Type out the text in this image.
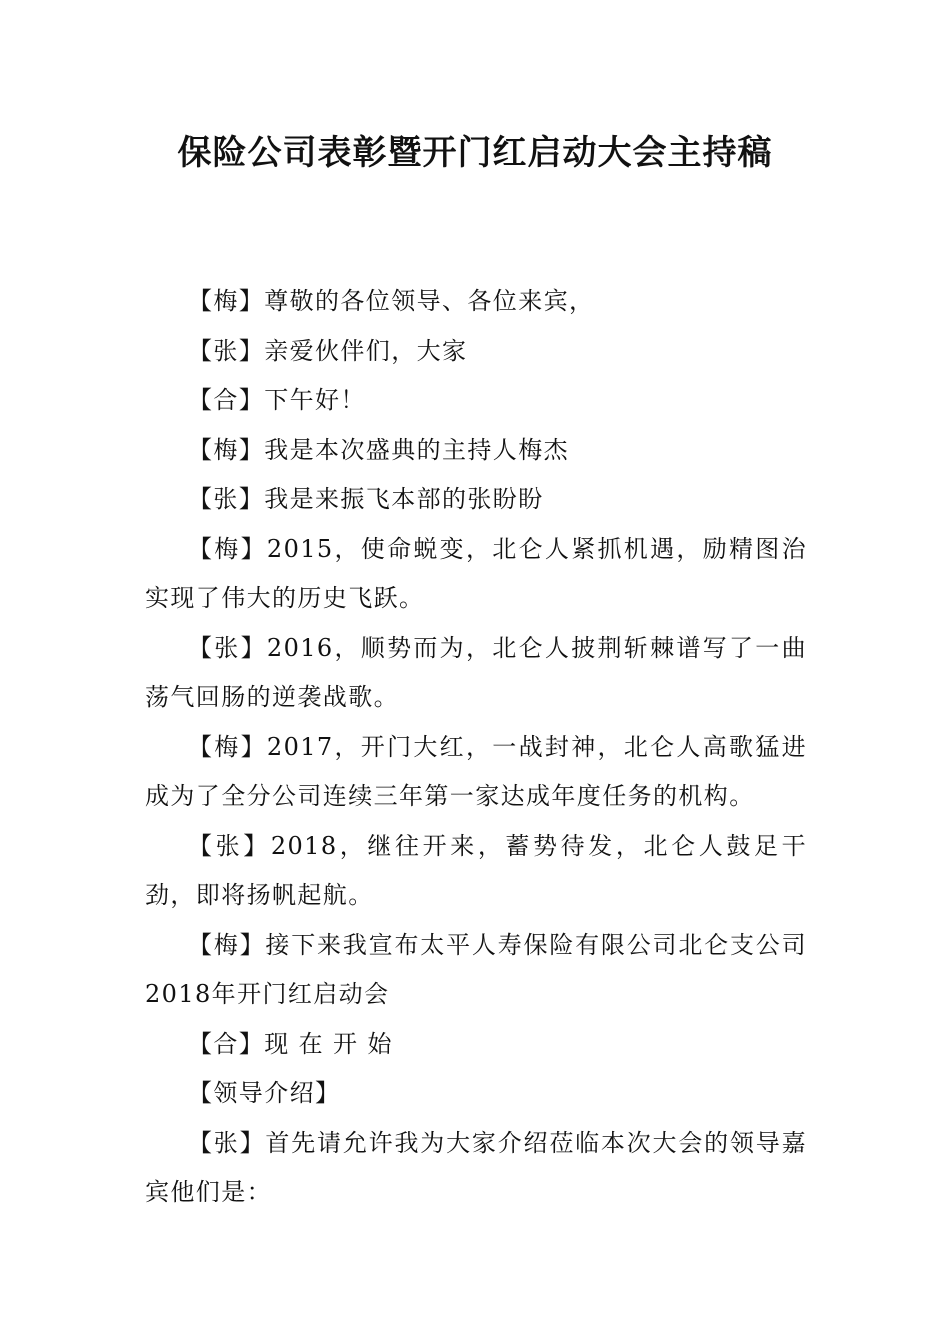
保险公司表彰暨开门红启动大会主持稿

【梅】尊敬的各位领导、各位来宾，

【张】亲爱伙伴们，大家

【合】下午好！

【梅】我是本次盛典的主持人梅杰

【张】我是来振飞本部的张盼盼

【梅】2015，使命蜕变，北仑人紧抓机遇，励精图治实现了伟大的历史飞跃。

【张】2016，顺势而为，北仑人披荆斩棘谱写了一曲荡气回肠的逆袭战歌。

【梅】2017，开门大红，一战封神，北仑人高歌猛进成为了全分公司连续三年第一家达成年度任务的机构。

【张】2018，继往开来，蓄势待发，北仑人鼓足干劲，即将扬帆起航。

【梅】接下来我宣布太平人寿保险有限公司北仑支公司2018年开门红启动会

【合】现 在 开 始

【领导介绍】

【张】首先请允许我为大家介绍莅临本次大会的领导嘉宾他们是：
